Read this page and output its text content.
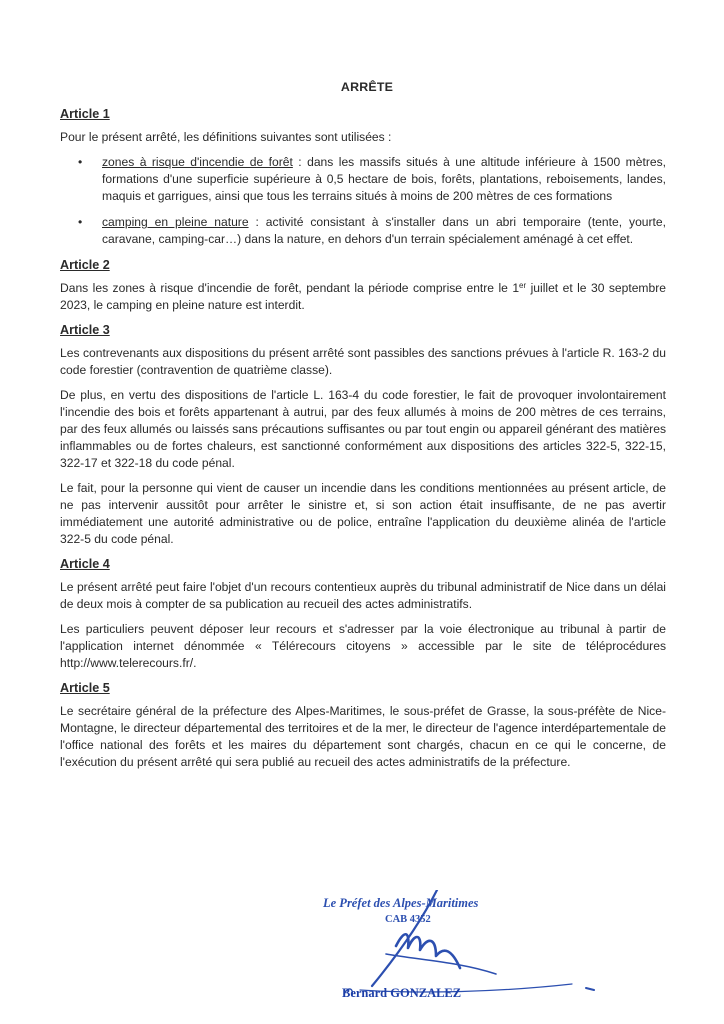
ARRÊTE
Article 1

Pour le présent arrêté, les définitions suivantes sont utilisées :

• zones à risque d'incendie de forêt : dans les massifs situés à une altitude inférieure à 1500 mètres, formations d'une superficie supérieure à 0,5 hectare de bois, forêts, plantations, reboisements, landes, maquis et garrigues, ainsi que tous les terrains situés à moins de 200 mètres de ces formations
• camping en pleine nature : activité consistant à s'installer dans un abri temporaire (tente, yourte, caravane, camping-car…) dans la nature, en dehors d'un terrain spécialement aménagé à cet effet.
Article 2

Dans les zones à risque d'incendie de forêt, pendant la période comprise entre le 1er juillet et le 30 septembre 2023, le camping en pleine nature est interdit.

Article 3

Les contrevenants aux dispositions du présent arrêté sont passibles des sanctions prévues à l'article R. 163-2 du code forestier (contravention de quatrième classe).

De plus, en vertu des dispositions de l'article L. 163-4 du code forestier, le fait de provoquer involontairement l'incendie des bois et forêts appartenant à autrui, par des feux allumés à moins de 200 mètres de ces terrains, par des feux allumés ou laissés sans précautions suffisantes ou par tout engin ou appareil générant des matières inflammables ou de fortes chaleurs, est sanctionné conformément aux dispositions des articles 322-5, 322-15, 322-17 et 322-18 du code pénal.

Le fait, pour la personne qui vient de causer un incendie dans les conditions mentionnées au présent article, de ne pas intervenir aussitôt pour arrêter le sinistre et, si son action était insuffisante, de ne pas avertir immédiatement une autorité administrative ou de police, entraîne l'application du deuxième alinéa de l'article 322-5 du code pénal.

Article 4

Le présent arrêté peut faire l'objet d'un recours contentieux auprès du tribunal administratif de Nice dans un délai de deux mois à compter de sa publication au recueil des actes administratifs.

Les particuliers peuvent déposer leur recours et s'adresser par la voie électronique au tribunal à partir de l'application internet dénommée « Télérecours citoyens » accessible par le site de téléprocédures http://www.telerecours.fr/.

Article 5

Le secrétaire général de la préfecture des Alpes-Maritimes, le sous-préfet de Grasse, la sous-préfète de Nice-Montagne, le directeur départemental des territoires et de la mer, le directeur de l'agence interdépartementale de l'office national des forêts et les maires du département sont chargés, chacun en ce qui le concerne, de l'exécution du présent arrêté qui sera publié au recueil des actes administratifs de la préfecture.

Le Préfet des Alpes-Maritimes
CAB 4352
Bernard GONZALEZ
